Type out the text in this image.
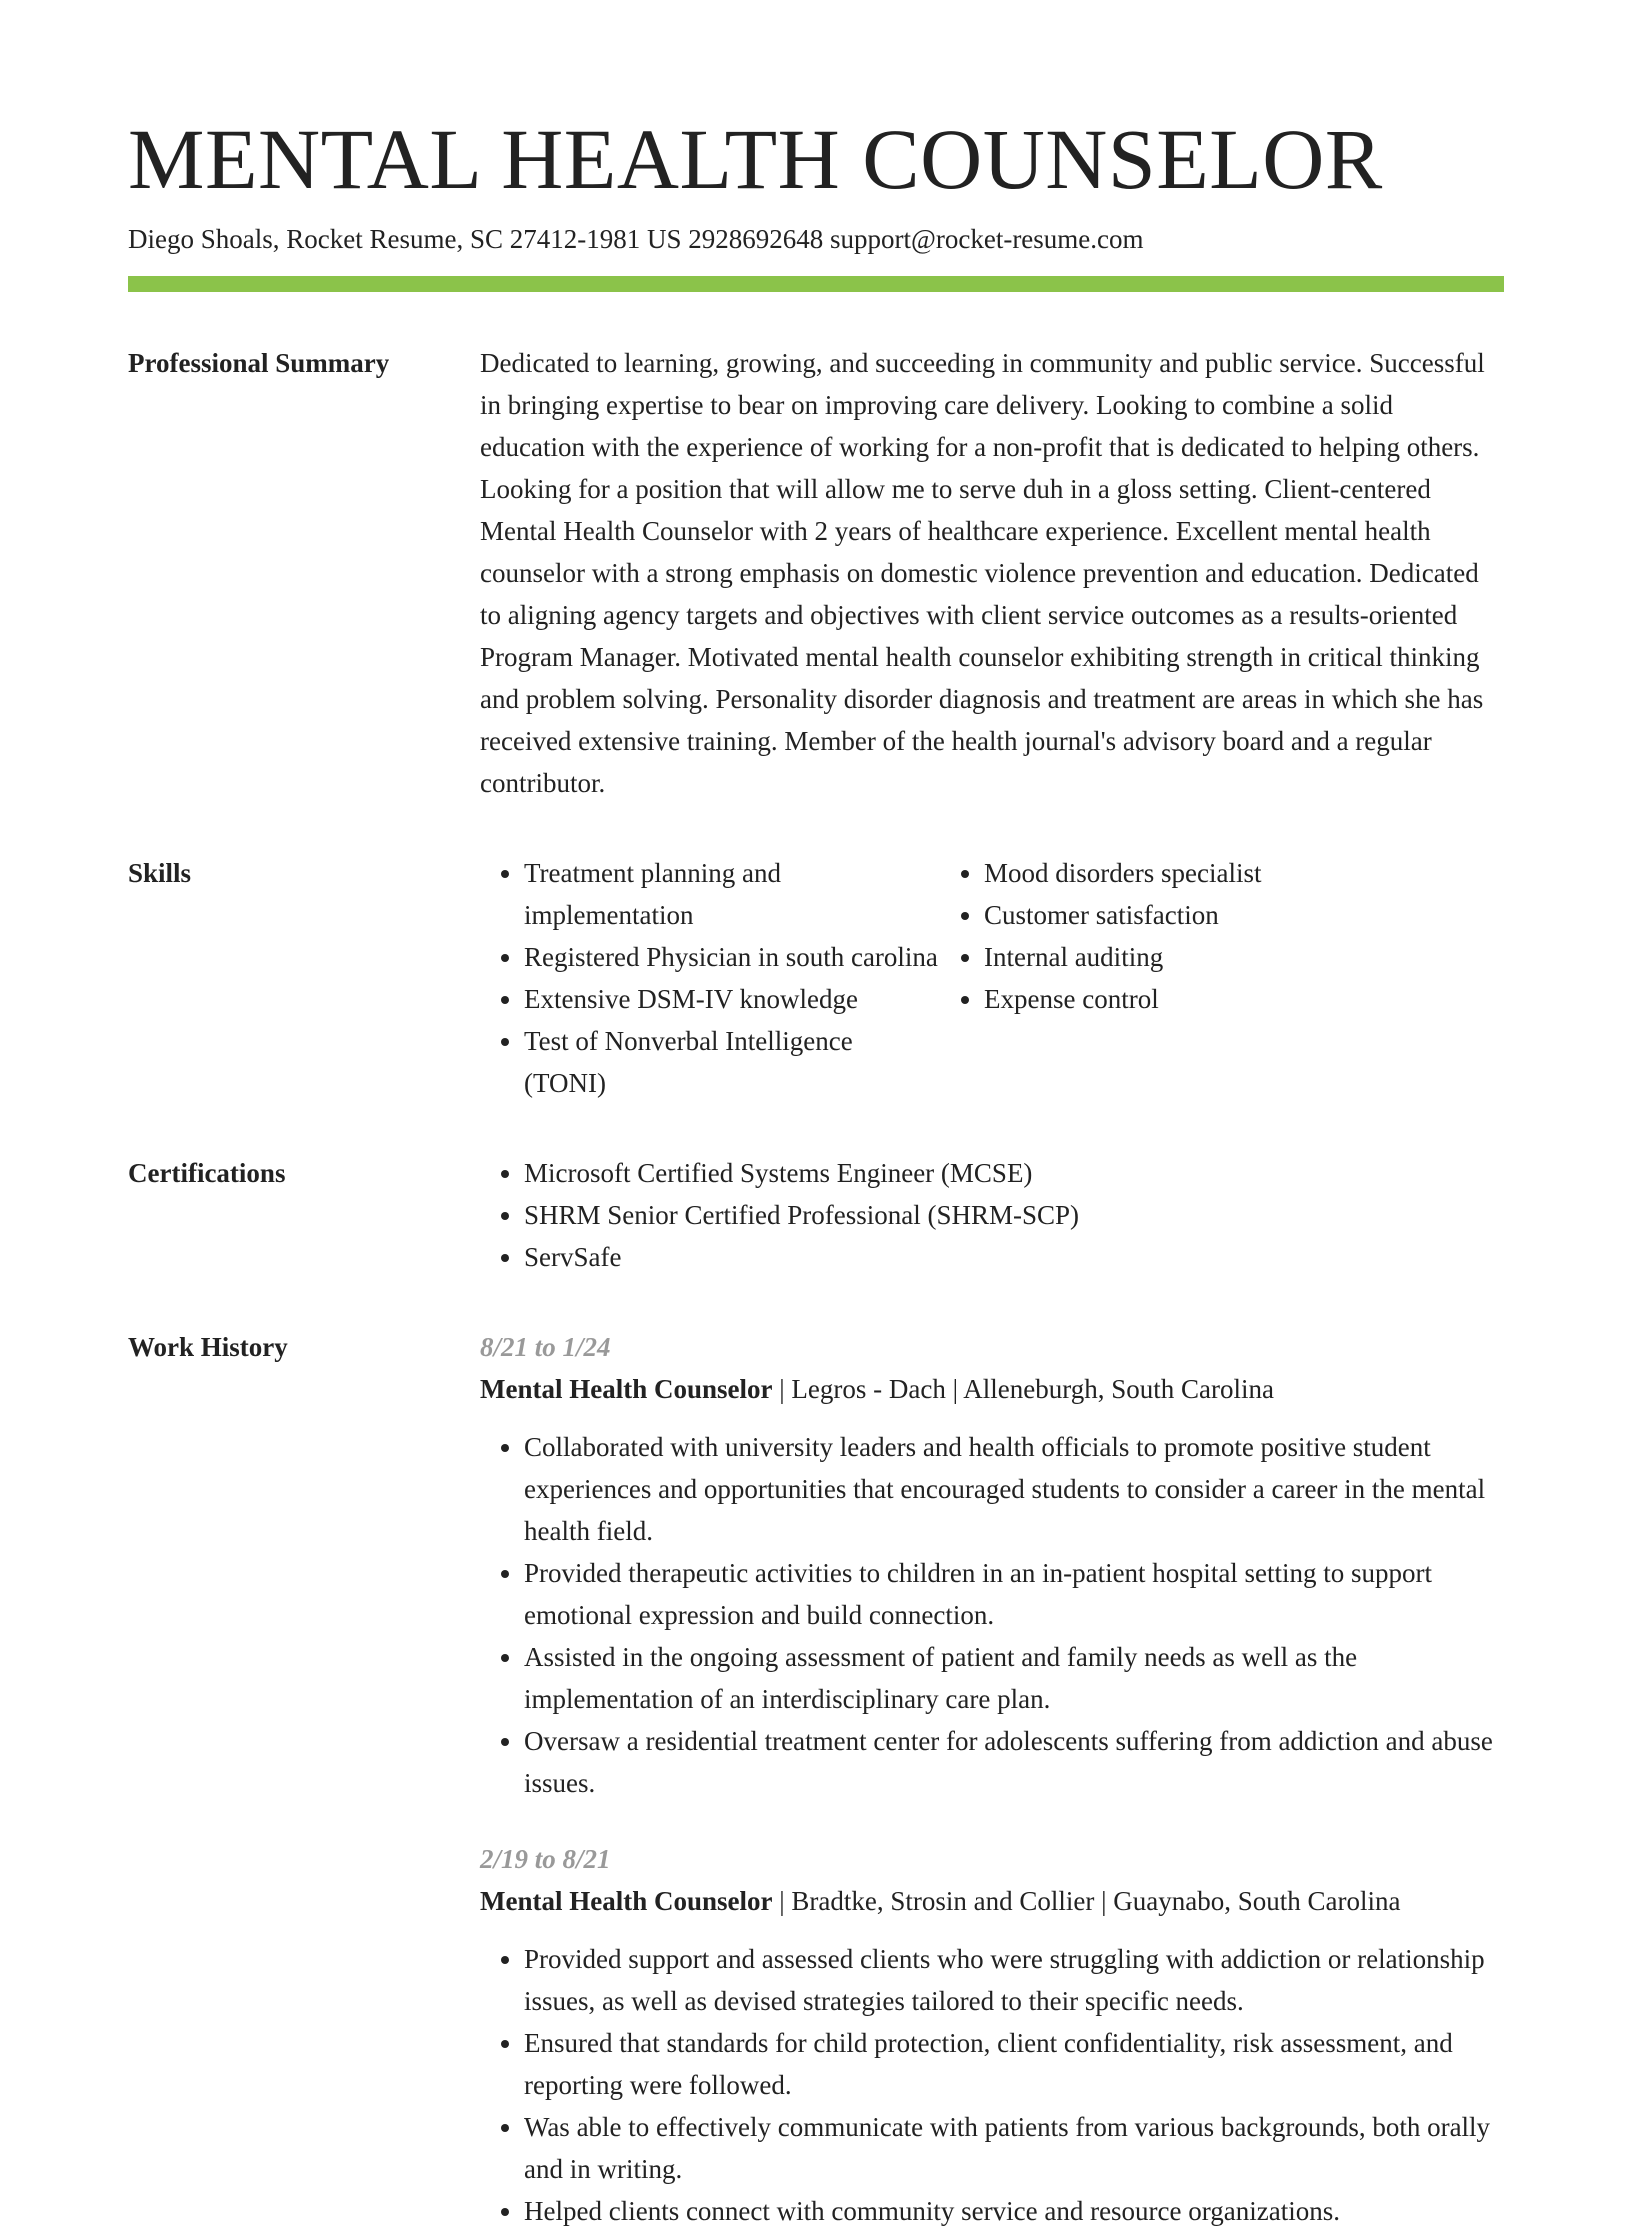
MENTAL HEALTH COUNSELOR
Diego Shoals, Rocket Resume, SC 27412-1981 US 2928692648 support@rocket-resume.com
Professional Summary	Dedicated to learning, growing, and succeeding in community and public service. Successful in bringing expertise to bear on improving care delivery. Looking to combine a solid education with the experience of working for a non-profit that is dedicated to helping others. Looking for a position that will allow me to serve duh in a gloss setting. Client-centered Mental Health Counselor with 2 years of healthcare experience. Excellent mental health counselor with a strong emphasis on domestic violence prevention and education. Dedicated to aligning agency targets and objectives with client service outcomes as a results-oriented Program Manager. Motivated mental health counselor exhibiting strength in critical thinking and problem solving. Personality disorder diagnosis and treatment are areas in which she has received extensive training. Member of the health journal's advisory board and a regular contributor.

Skills	• Treatment planning and implementation
• Registered Physician in south carolina
• Extensive DSM-IV knowledge
• Test of Nonverbal Intelligence (TONI)
• Mood disorders specialist
• Customer satisfaction
• Internal auditing
• Expense control
Certifications	• Microsoft Certified Systems Engineer (MCSE)
• SHRM Senior Certified Professional (SHRM-SCP)
• ServSafe
Work History	8/21 to 1/24
Mental Health Counselor | Legros - Dach | Alleneburgh, South Carolina
• Collaborated with university leaders and health officials to promote positive student experiences and opportunities that encouraged students to consider a career in the mental health field.
• Provided therapeutic activities to children in an in-patient hospital setting to support emotional expression and build connection.
• Assisted in the ongoing assessment of patient and family needs as well as the implementation of an interdisciplinary care plan.
• Oversaw a residential treatment center for adolescents suffering from addiction and abuse issues.
2/19 to 8/21
Mental Health Counselor | Bradtke, Strosin and Collier | Guaynabo, South Carolina
• Provided support and assessed clients who were struggling with addiction or relationship issues, as well as devised strategies tailored to their specific needs.
• Ensured that standards for child protection, client confidentiality, risk assessment, and reporting were followed.
• Was able to effectively communicate with patients from various backgrounds, both orally and in writing.
• Helped clients connect with community service and resource organizations.
